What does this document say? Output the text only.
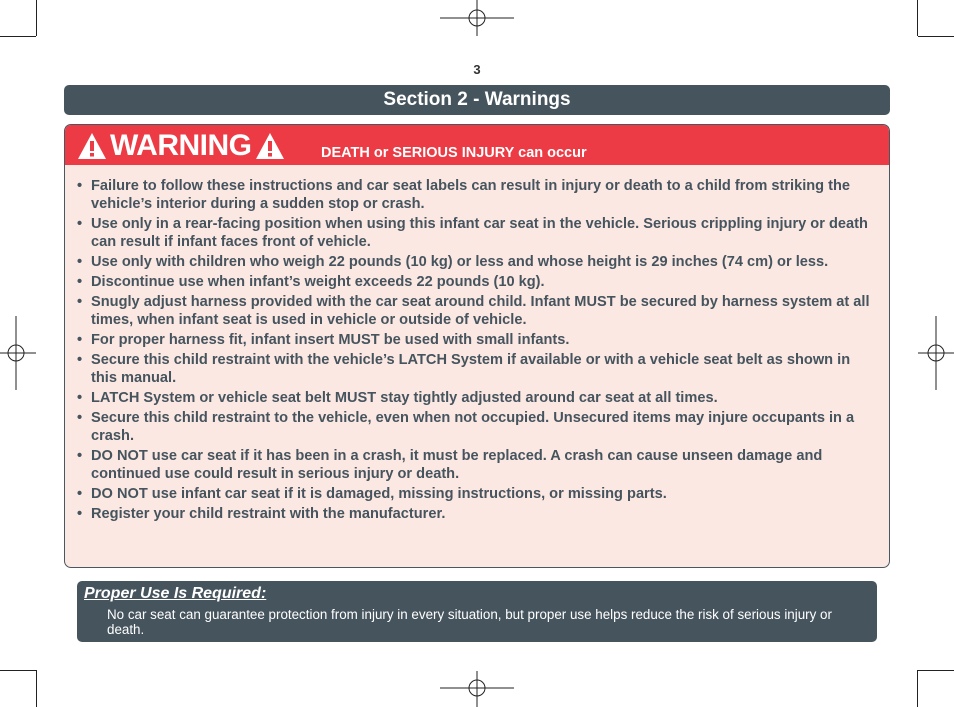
3
Section 2 - Warnings
WARNING	DEATH or SERIOUS INJURY can occur
• Failure to follow these instructions and car seat labels can result in injury or death to a child from striking the vehicle’s interior during a sudden stop or crash.
• Use only in a rear-facing position when using this infant car seat in the vehicle. Serious crippling injury or death can result if infant faces front of vehicle.
• Use only with children who weigh 22 pounds (10 kg) or less and whose height is 29 inches (74 cm) or less.
• Discontinue use when infant’s weight exceeds 22 pounds (10 kg).
• Snugly adjust harness provided with the car seat around child. Infant MUST be secured by harness system at all times, when infant seat is used in vehicle or outside of vehicle.
• For proper harness fit, infant insert MUST be used with small infants.
• Secure this child restraint with the vehicle’s LATCH System if available or with a vehicle seat belt as shown in this manual.
• LATCH System or vehicle seat belt MUST stay tightly adjusted around car seat at all times.
• Secure this child restraint to the vehicle, even when not occupied. Unsecured items may injure occupants in a crash.
• DO NOT use car seat if it has been in a crash, it must be replaced. A crash can cause unseen damage and continued use could result in serious injury or death.
• DO NOT use infant car seat if it is damaged, missing instructions, or missing parts.
• Register your child restraint with the manufacturer.
Proper Use Is Required:
No car seat can guarantee protection from injury in every situation, but proper use helps reduce the risk of serious injury or death.
